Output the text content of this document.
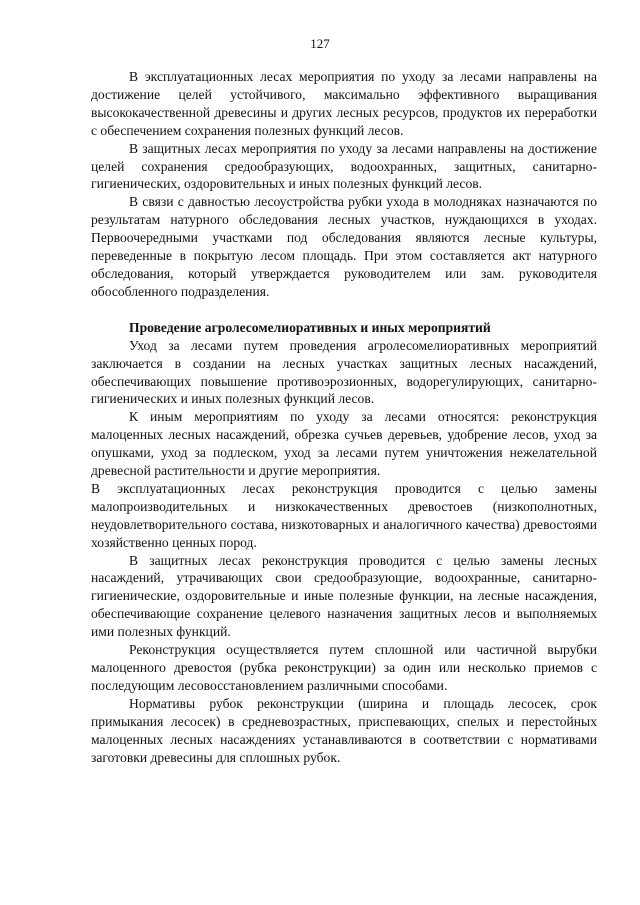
127

В эксплуатационных лесах мероприятия по уходу за лесами направлены на достижение целей устойчивого, максимально эффективного выращивания высококачественной древесины и других лесных ресурсов, продуктов их переработки с обеспечением сохранения полезных функций лесов.

В защитных лесах мероприятия по уходу за лесами направлены на достижение целей сохранения средообразующих, водоохранных, защитных, санитарно-гигиенических, оздоровительных и иных полезных функций лесов.

В связи с давностью лесоустройства рубки ухода в молодняках назначаются по результатам натурного обследования лесных участков, нуждающихся в уходах. Первоочередными участками под обследования являются лесные культуры, переведенные в покрытую лесом площадь. При этом составляется акт натурного обследования, который утверждается руководителем или зам. руководителя обособленного подразделения.

Проведение агролесомелиоративных и иных мероприятий

Уход за лесами путем проведения агролесомелиоративных мероприятий заключается в создании на лесных участках защитных лесных насаждений, обеспечивающих повышение противоэрозионных, водорегулирующих, санитарно-гигиенических и иных полезных функций лесов.

К иным мероприятиям по уходу за лесами относятся: реконструкция малоценных лесных насаждений, обрезка сучьев деревьев, удобрение лесов, уход за опушками, уход за подлеском, уход за лесами путем уничтожения нежелательной древесной растительности и другие мероприятия.

В эксплуатационных лесах реконструкция проводится с целью замены малопроизводительных и низкокачественных древостоев (низкополнотных, неудовлетворительного состава, низкотоварных и аналогичного качества) древостоями хозяйственно ценных пород.

В защитных лесах реконструкция проводится с целью замены лесных насаждений, утрачивающих свои средообразующие, водоохранные, санитарно-гигиенические, оздоровительные и иные полезные функции, на лесные насаждения, обеспечивающие сохранение целевого назначения защитных лесов и выполняемых ими полезных функций.

Реконструкция осуществляется путем сплошной или частичной вырубки малоценного древостоя (рубка реконструкции) за один или несколько приемов с последующим лесовосстановлением различными способами.

Нормативы рубок реконструкции (ширина и площадь лесосек, срок примыкания лесосек) в средневозрастных, приспевающих, спелых и перестойных малоценных лесных насаждениях устанавливаются в соответствии с нормативами заготовки древесины для сплошных рубок.
